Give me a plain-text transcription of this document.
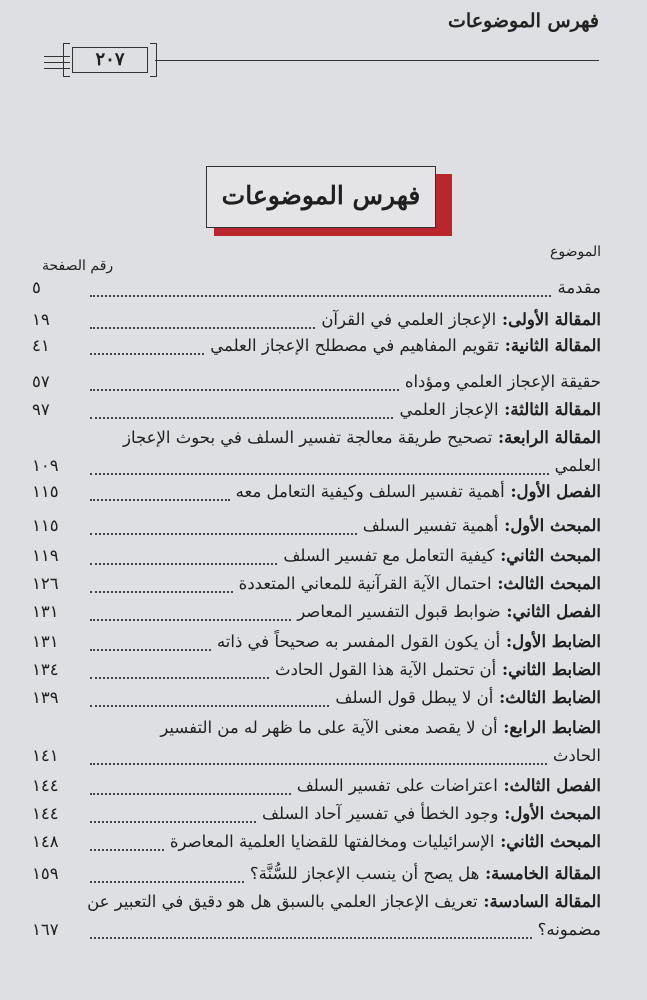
فهرس الموضوعات
٢٠٧
فهرس الموضوعات
الموضوع
رقم الصفحة
مقدمة
٥
المقالة الأولى: الإعجاز العلمي في القرآن
١٩
المقالة الثانية: تقويم المفاهيم في مصطلح الإعجاز العلمي
٤١
حقيقة الإعجاز العلمي ومؤداه
٥٧
المقالة الثالثة: الإعجاز العلمي
٩٧
المقالة الرابعة: تصحيح طريقة معالجة تفسير السلف في بحوث الإعجاز
العلمي
١٠٩
الفصل الأول: أهمية تفسير السلف وكيفية التعامل معه
١١٥
المبحث الأول: أهمية تفسير السلف
١١٥
المبحث الثاني: كيفية التعامل مع تفسير السلف
١١٩
المبحث الثالث: احتمال الآية القرآنية للمعاني المتعددة
١٢٦
الفصل الثاني: ضوابط قبول التفسير المعاصر
١٣١
الضابط الأول: أن يكون القول المفسر به صحيحاً في ذاته
١٣١
الضابط الثاني: أن تحتمل الآية هذا القول الحادث
١٣٤
الضابط الثالث: أن لا يبطل قول السلف
١٣٩
الضابط الرابع: أن لا يقصد معنى الآية على ما ظهر له من التفسير
الحادث
١٤١
الفصل الثالث: اعتراضات على تفسير السلف
١٤٤
المبحث الأول: وجود الخطأ في تفسير آحاد السلف
١٤٤
المبحث الثاني: الإسرائيليات ومخالفتها للقضايا العلمية المعاصرة
١٤٨
المقالة الخامسة: هل يصح أن ينسب الإعجاز للسُّنَّة؟
١٥٩
المقالة السادسة: تعريف الإعجاز العلمي بالسبق هل هو دقيق في التعبير عن
مضمونه؟
١٦٧
